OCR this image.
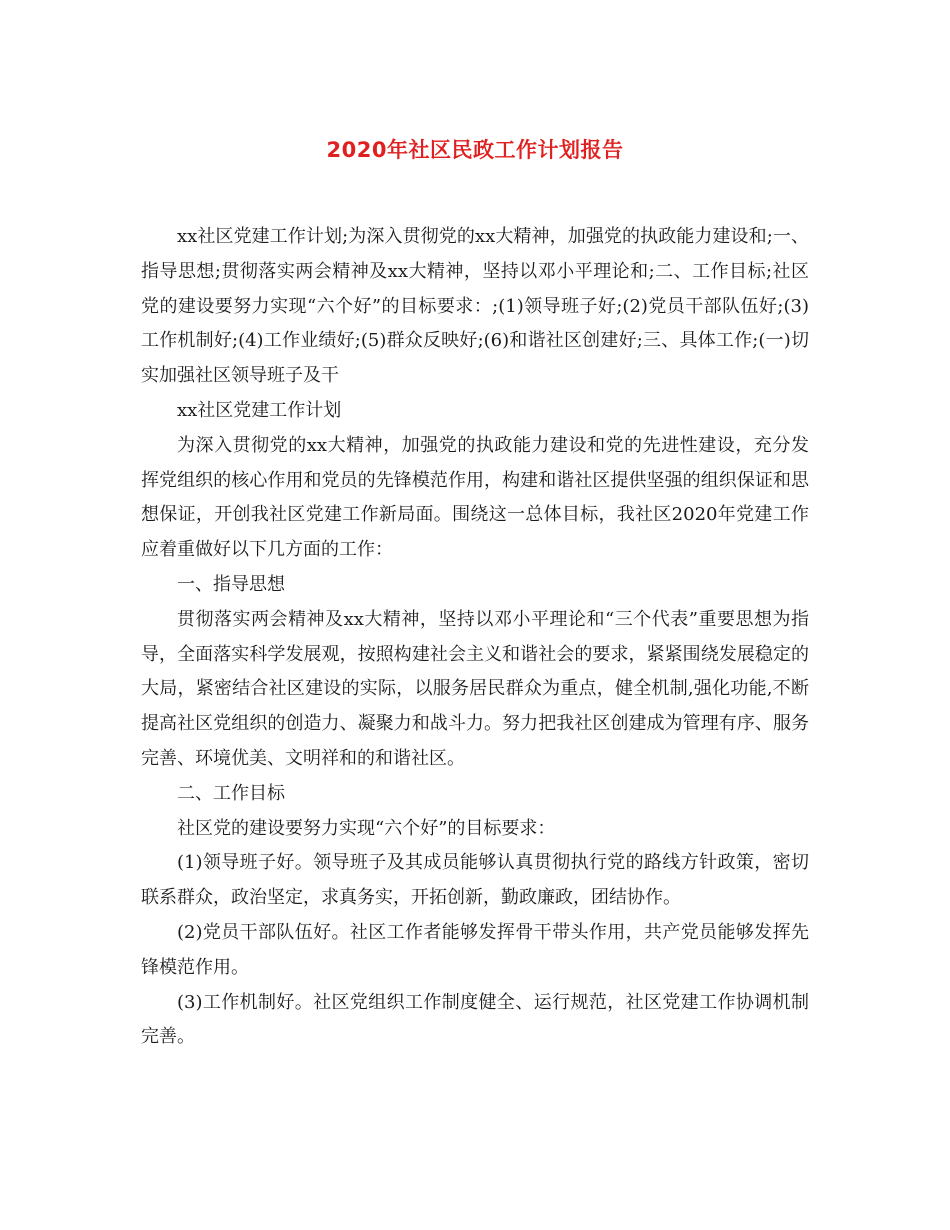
2020年社区民政工作计划报告

xx社区党建工作计划;为深入贯彻党的xx大精神，加强党的执政能力建设和;一、指导思想;贯彻落实两会精神及xx大精神，坚持以邓小平理论和;二、工作目标;社区党的建设要努力实现“六个好”的目标要求：;(1)领导班子好;(2)党员干部队伍好;(3)工作机制好;(4)工作业绩好;(5)群众反映好;(6)和谐社区创建好;三、具体工作;(一)切实加强社区领导班子及干

xx社区党建工作计划

为深入贯彻党的xx大精神，加强党的执政能力建设和党的先进性建设，充分发挥党组织的核心作用和党员的先锋模范作用，构建和谐社区提供坚强的组织保证和思想保证，开创我社区党建工作新局面。围绕这一总体目标，我社区2020年党建工作应着重做好以下几方面的工作：

一、指导思想

贯彻落实两会精神及xx大精神，坚持以邓小平理论和“三个代表”重要思想为指导，全面落实科学发展观，按照构建社会主义和谐社会的要求，紧紧围绕发展稳定的大局，紧密结合社区建设的实际，以服务居民群众为重点，健全机制,强化功能,不断提高社区党组织的创造力、凝聚力和战斗力。努力把我社区创建成为管理有序、服务完善、环境优美、文明祥和的和谐社区。

二、工作目标

社区党的建设要努力实现“六个好”的目标要求：

(1)领导班子好。领导班子及其成员能够认真贯彻执行党的路线方针政策，密切联系群众，政治坚定，求真务实，开拓创新，勤政廉政，团结协作。

(2)党员干部队伍好。社区工作者能够发挥骨干带头作用，共产党员能够发挥先锋模范作用。

(3)工作机制好。社区党组织工作制度健全、运行规范，社区党建工作协调机制完善。
